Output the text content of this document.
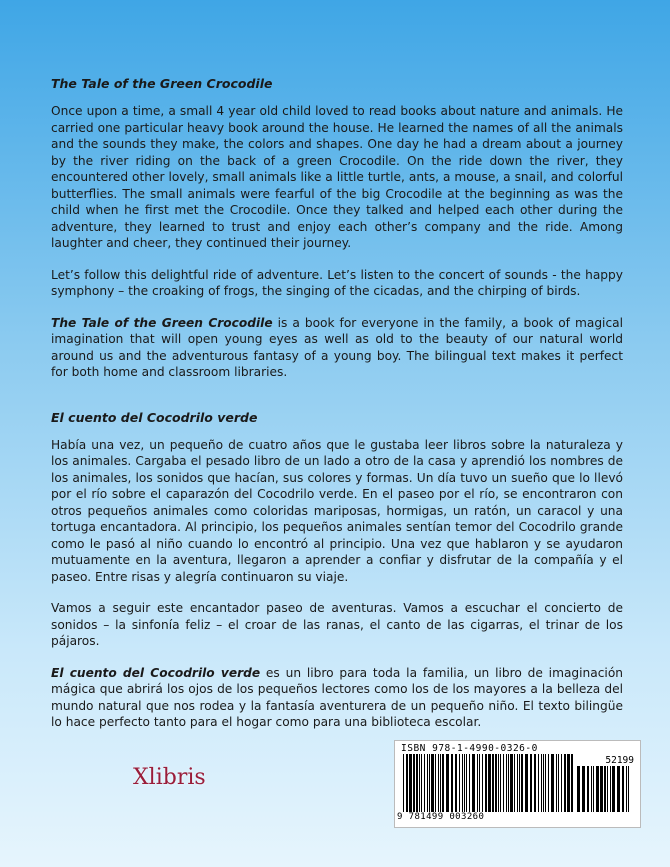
The Tale of the Green Crocodile

Once upon a time, a small 4 year old child loved to read books about nature and animals. He carried one particular heavy book around the house. He learned the names of all the animals and the sounds they make, the colors and shapes. One day he had a dream about a journey by the river riding on the back of a green Crocodile. On the ride down the river, they encountered other lovely, small animals like a little turtle, ants, a mouse, a snail, and colorful butterflies. The small animals were fearful of the big Crocodile at the beginning as was the child when he first met the Crocodile. Once they talked and helped each other during the adventure, they learned to trust and enjoy each other’s company and the ride. Among laughter and cheer, they continued their journey.

Let’s follow this delightful ride of adventure. Let’s listen to the concert of sounds - the happy symphony – the croaking of frogs, the singing of the cicadas, and the chirping of birds.

The Tale of the Green Crocodile is a book for everyone in the family, a book of magical imagination that will open young eyes as well as old to the beauty of our natural world around us and the adventurous fantasy of a young boy. The bilingual text makes it perfect for both home and classroom libraries.

El cuento del Cocodrilo verde

Había una vez, un pequeño de cuatro años que le gustaba leer libros sobre la naturaleza y los animales. Cargaba el pesado libro de un lado a otro de la casa y aprendió los nombres de los animales, los sonidos que hacían, sus colores y formas. Un día tuvo un sueño que lo llevó por el río sobre el caparazón del Cocodrilo verde. En el paseo por el río, se encontraron con otros pequeños animales como coloridas mariposas, hormigas, un ratón, un caracol y una tortuga encantadora. Al principio, los pequeños animales sentían temor del Cocodrilo grande como le pasó al niño cuando lo encontró al principio. Una vez que hablaron y se ayudaron mutuamente en la aventura, llegaron a aprender a confiar y disfrutar de la compañía y el paseo. Entre risas y alegría continuaron su viaje.

Vamos a seguir este encantador paseo de aventuras. Vamos a escuchar el concierto de sonidos – la sinfonía feliz – el croar de las ranas, el canto de las cigarras, el trinar de los pájaros.

El cuento del Cocodrilo verde es un libro para toda la familia, un libro de imaginación mágica que abrirá los ojos de los pequeños lectores como los de los mayores a la belleza del mundo natural que nos rodea y la fantasía aventurera de un pequeño niño. El texto bilingüe lo hace perfecto tanto para el hogar como para una biblioteca escolar.

Xlibris
ISBN 978-1-4990-0326-0
52199
9 781499 003260
